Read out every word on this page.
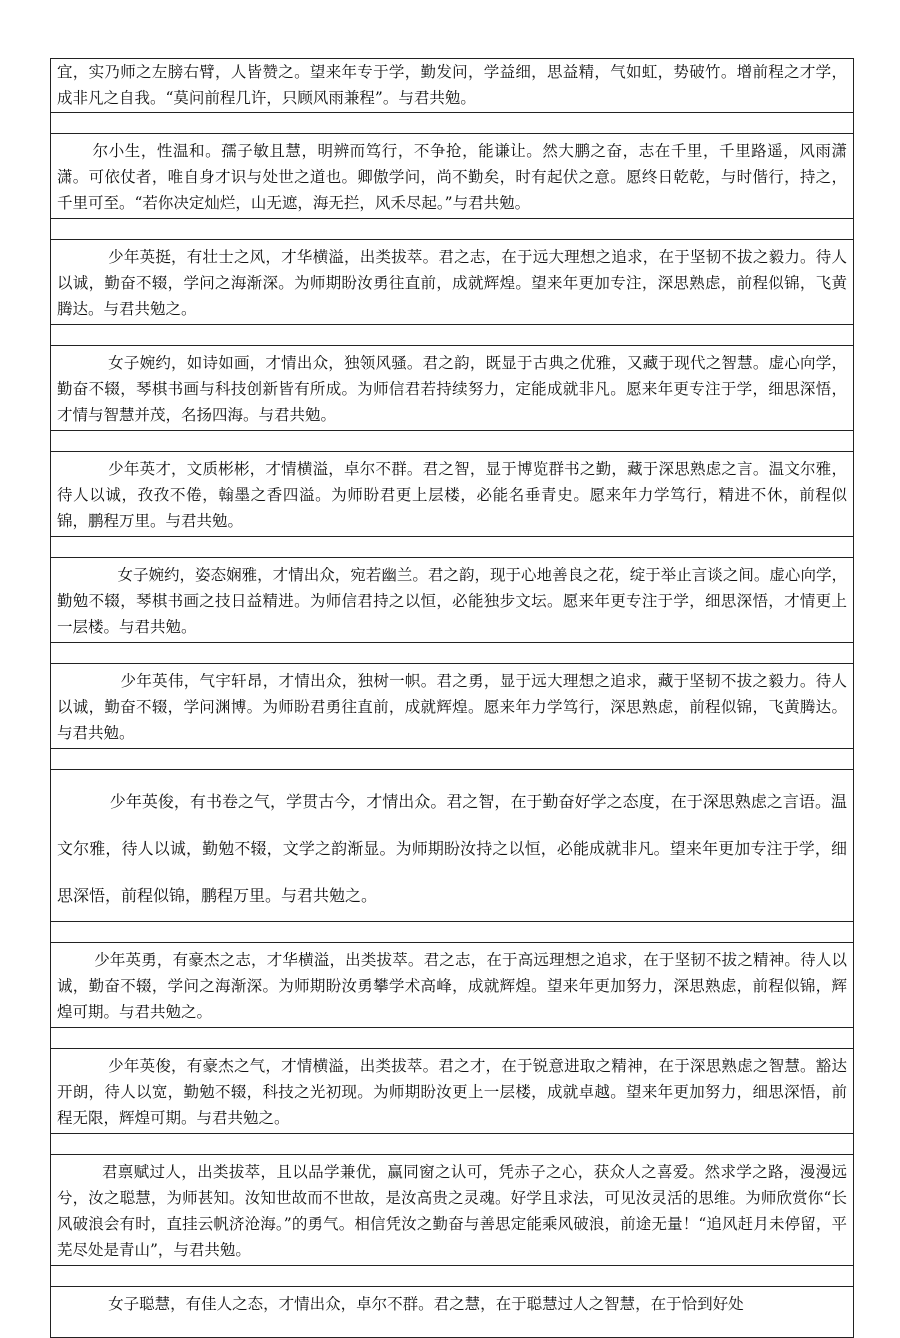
宜，实乃师之左膀右臂，人皆赞之。望来年专于学，勤发问，学益细，思益精，气如虹，势破竹。增前程之才学，成非凡之自我。“莫问前程几许，只顾风雨兼程”。与君共勉。

尔小生，性温和。孺子敏且慧，明辨而笃行，不争抢，能谦让。然大鹏之奋，志在千里，千里路遥，风雨潇潇。可依仗者，唯自身才识与处世之道也。卿傲学问，尚不勤矣，时有起伏之意。愿终日乾乾，与时偕行，持之，千里可至。“若你决定灿烂，山无遮，海无拦，风禾尽起。”与君共勉。

少年英挺，有壮士之风，才华横溢，出类拔萃。君之志，在于远大理想之追求，在于坚韧不拔之毅力。待人以诚，勤奋不辍，学问之海渐深。为师期盼汝勇往直前，成就辉煌。望来年更加专注，深思熟虑，前程似锦，飞黄腾达。与君共勉之。

女子婉约，如诗如画，才情出众，独领风骚。君之韵，既显于古典之优雅，又藏于现代之智慧。虚心向学，勤奋不辍，琴棋书画与科技创新皆有所成。为师信君若持续努力，定能成就非凡。愿来年更专注于学，细思深悟，才情与智慧并茂，名扬四海。与君共勉。

少年英才，文质彬彬，才情横溢，卓尔不群。君之智，显于博览群书之勤，藏于深思熟虑之言。温文尔雅，待人以诚，孜孜不倦，翰墨之香四溢。为师盼君更上层楼，必能名垂青史。愿来年力学笃行，精进不休，前程似锦，鹏程万里。与君共勉。

女子婉约，姿态娴雅，才情出众，宛若幽兰。君之韵，现于心地善良之花，绽于举止言谈之间。虚心向学，勤勉不辍，琴棋书画之技日益精进。为师信君持之以恒，必能独步文坛。愿来年更专注于学，细思深悟，才情更上一层楼。与君共勉。

少年英伟，气宇轩昂，才情出众，独树一帜。君之勇，显于远大理想之追求，藏于坚韧不拔之毅力。待人以诚，勤奋不辍，学问渊博。为师盼君勇往直前，成就辉煌。愿来年力学笃行，深思熟虑，前程似锦，飞黄腾达。与君共勉。

少年英俊，有书卷之气，学贯古今，才情出众。君之智，在于勤奋好学之态度，在于深思熟虑之言语。温文尔雅，待人以诚，勤勉不辍，文学之韵渐显。为师期盼汝持之以恒，必能成就非凡。望来年更加专注于学，细思深悟，前程似锦，鹏程万里。与君共勉之。

少年英勇，有豪杰之志，才华横溢，出类拔萃。君之志，在于高远理想之追求，在于坚韧不拔之精神。待人以诚，勤奋不辍，学问之海渐深。为师期盼汝勇攀学术高峰，成就辉煌。望来年更加努力，深思熟虑，前程似锦，辉煌可期。与君共勉之。

少年英俊，有豪杰之气，才情横溢，出类拔萃。君之才，在于锐意进取之精神，在于深思熟虑之智慧。豁达开朗，待人以宽，勤勉不辍，科技之光初现。为师期盼汝更上一层楼，成就卓越。望来年更加努力，细思深悟，前程无限，辉煌可期。与君共勉之。

君禀赋过人，出类拔萃，且以品学兼优，赢同窗之认可，凭赤子之心，获众人之喜爱。然求学之路，漫漫远兮，汝之聪慧，为师甚知。汝知世故而不世故，是汝高贵之灵魂。好学且求法，可见汝灵活的思维。为师欣赏你“长风破浪会有时，直挂云帆济沧海。”的勇气。相信凭汝之勤奋与善思定能乘风破浪，前途无量！“追风赶月未停留，平芜尽处是青山”，与君共勉。

女子聪慧，有佳人之态，才情出众，卓尔不群。君之慧，在于聪慧过人之智慧，在于恰到好处
